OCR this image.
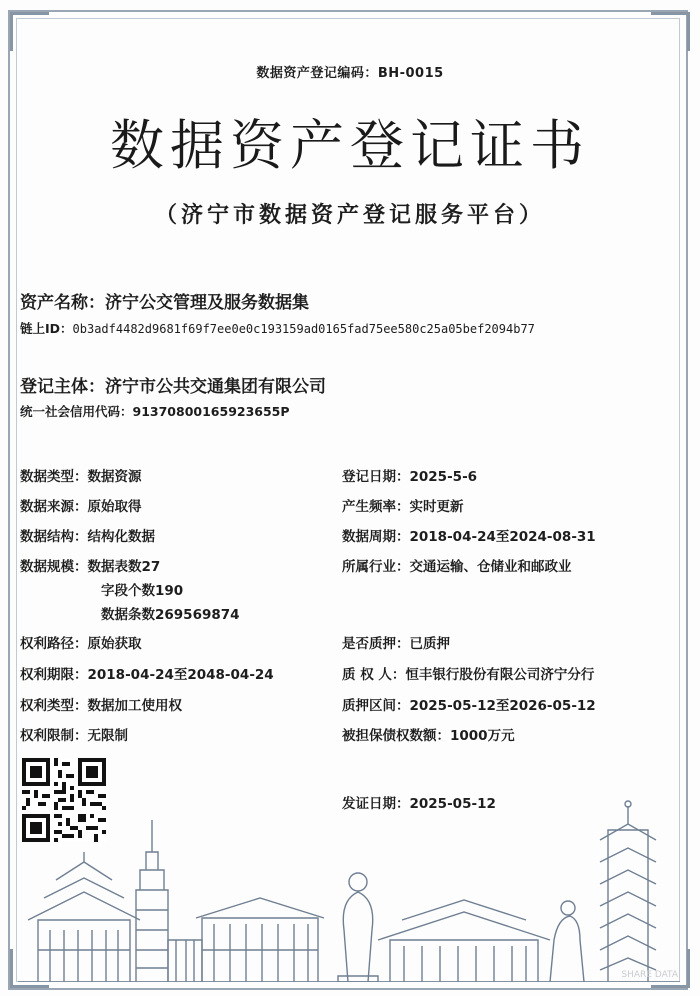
数据资产登记编码：BH-0015
数据资产登记证书
（济宁市数据资产登记服务平台）
资产名称：济宁公交管理及服务数据集
链上ID：0b3adf4482d9681f69f7ee0e0c193159ad0165fad75ee580c25a05bef2094b77
登记主体：济宁市公共交通集团有限公司
统一社会信用代码：91370800165923655P
数据类型：数据资源
数据来源：原始取得
数据结构：结构化数据
数据规模：数据表数27
字段个数190
数据条数269569874
权利路径：原始获取
权利期限：2018-04-24至2048-04-24
权利类型：数据加工使用权
权利限制：无限制
登记日期：2025-5-6
产生频率：实时更新
数据周期：2018-04-24至2024-08-31
所属行业：交通运输、仓储业和邮政业
是否质押：已质押
质 权 人：恒丰银行股份有限公司济宁分行
质押区间：2025-05-12至2026-05-12
被担保债权数额：1000万元
发证日期：2025-05-12
SHARE DATA
